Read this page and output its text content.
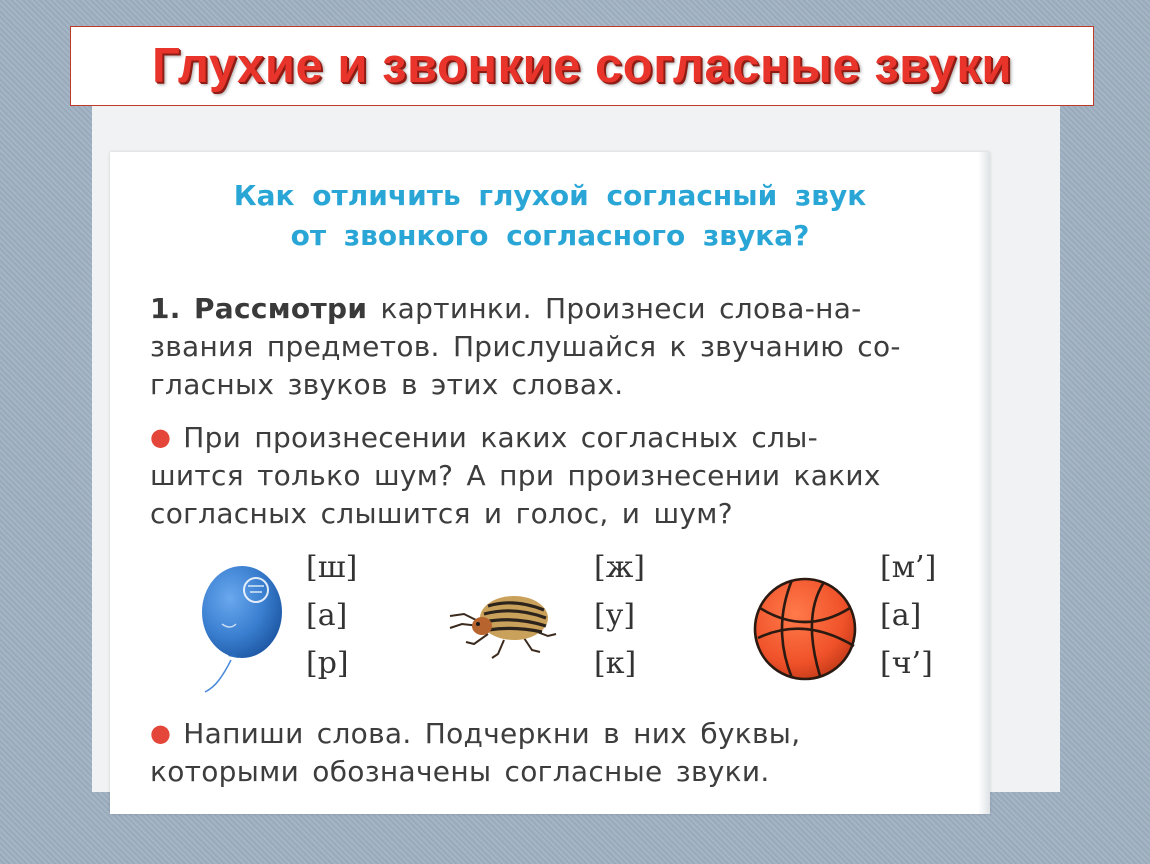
Глухие и звонкие согласные звуки
Как отличить глухой согласный звук
от звонкого согласного звука?
1. Рассмотри картинки. Произнеси слова-на-
звания предметов. Прислушайся к звучанию со-
гласных звуков в этих словах.
● При произнесении каких согласных слы-
шится только шум? А при произнесении каких
согласных слышится и голос, и шум?
[ш]
[а]
[р]
[ж]
[у]
[к]
[м’]
[а]
[ч’]
● Напиши слова. Подчеркни в них буквы,
которыми обозначены согласные звуки.
